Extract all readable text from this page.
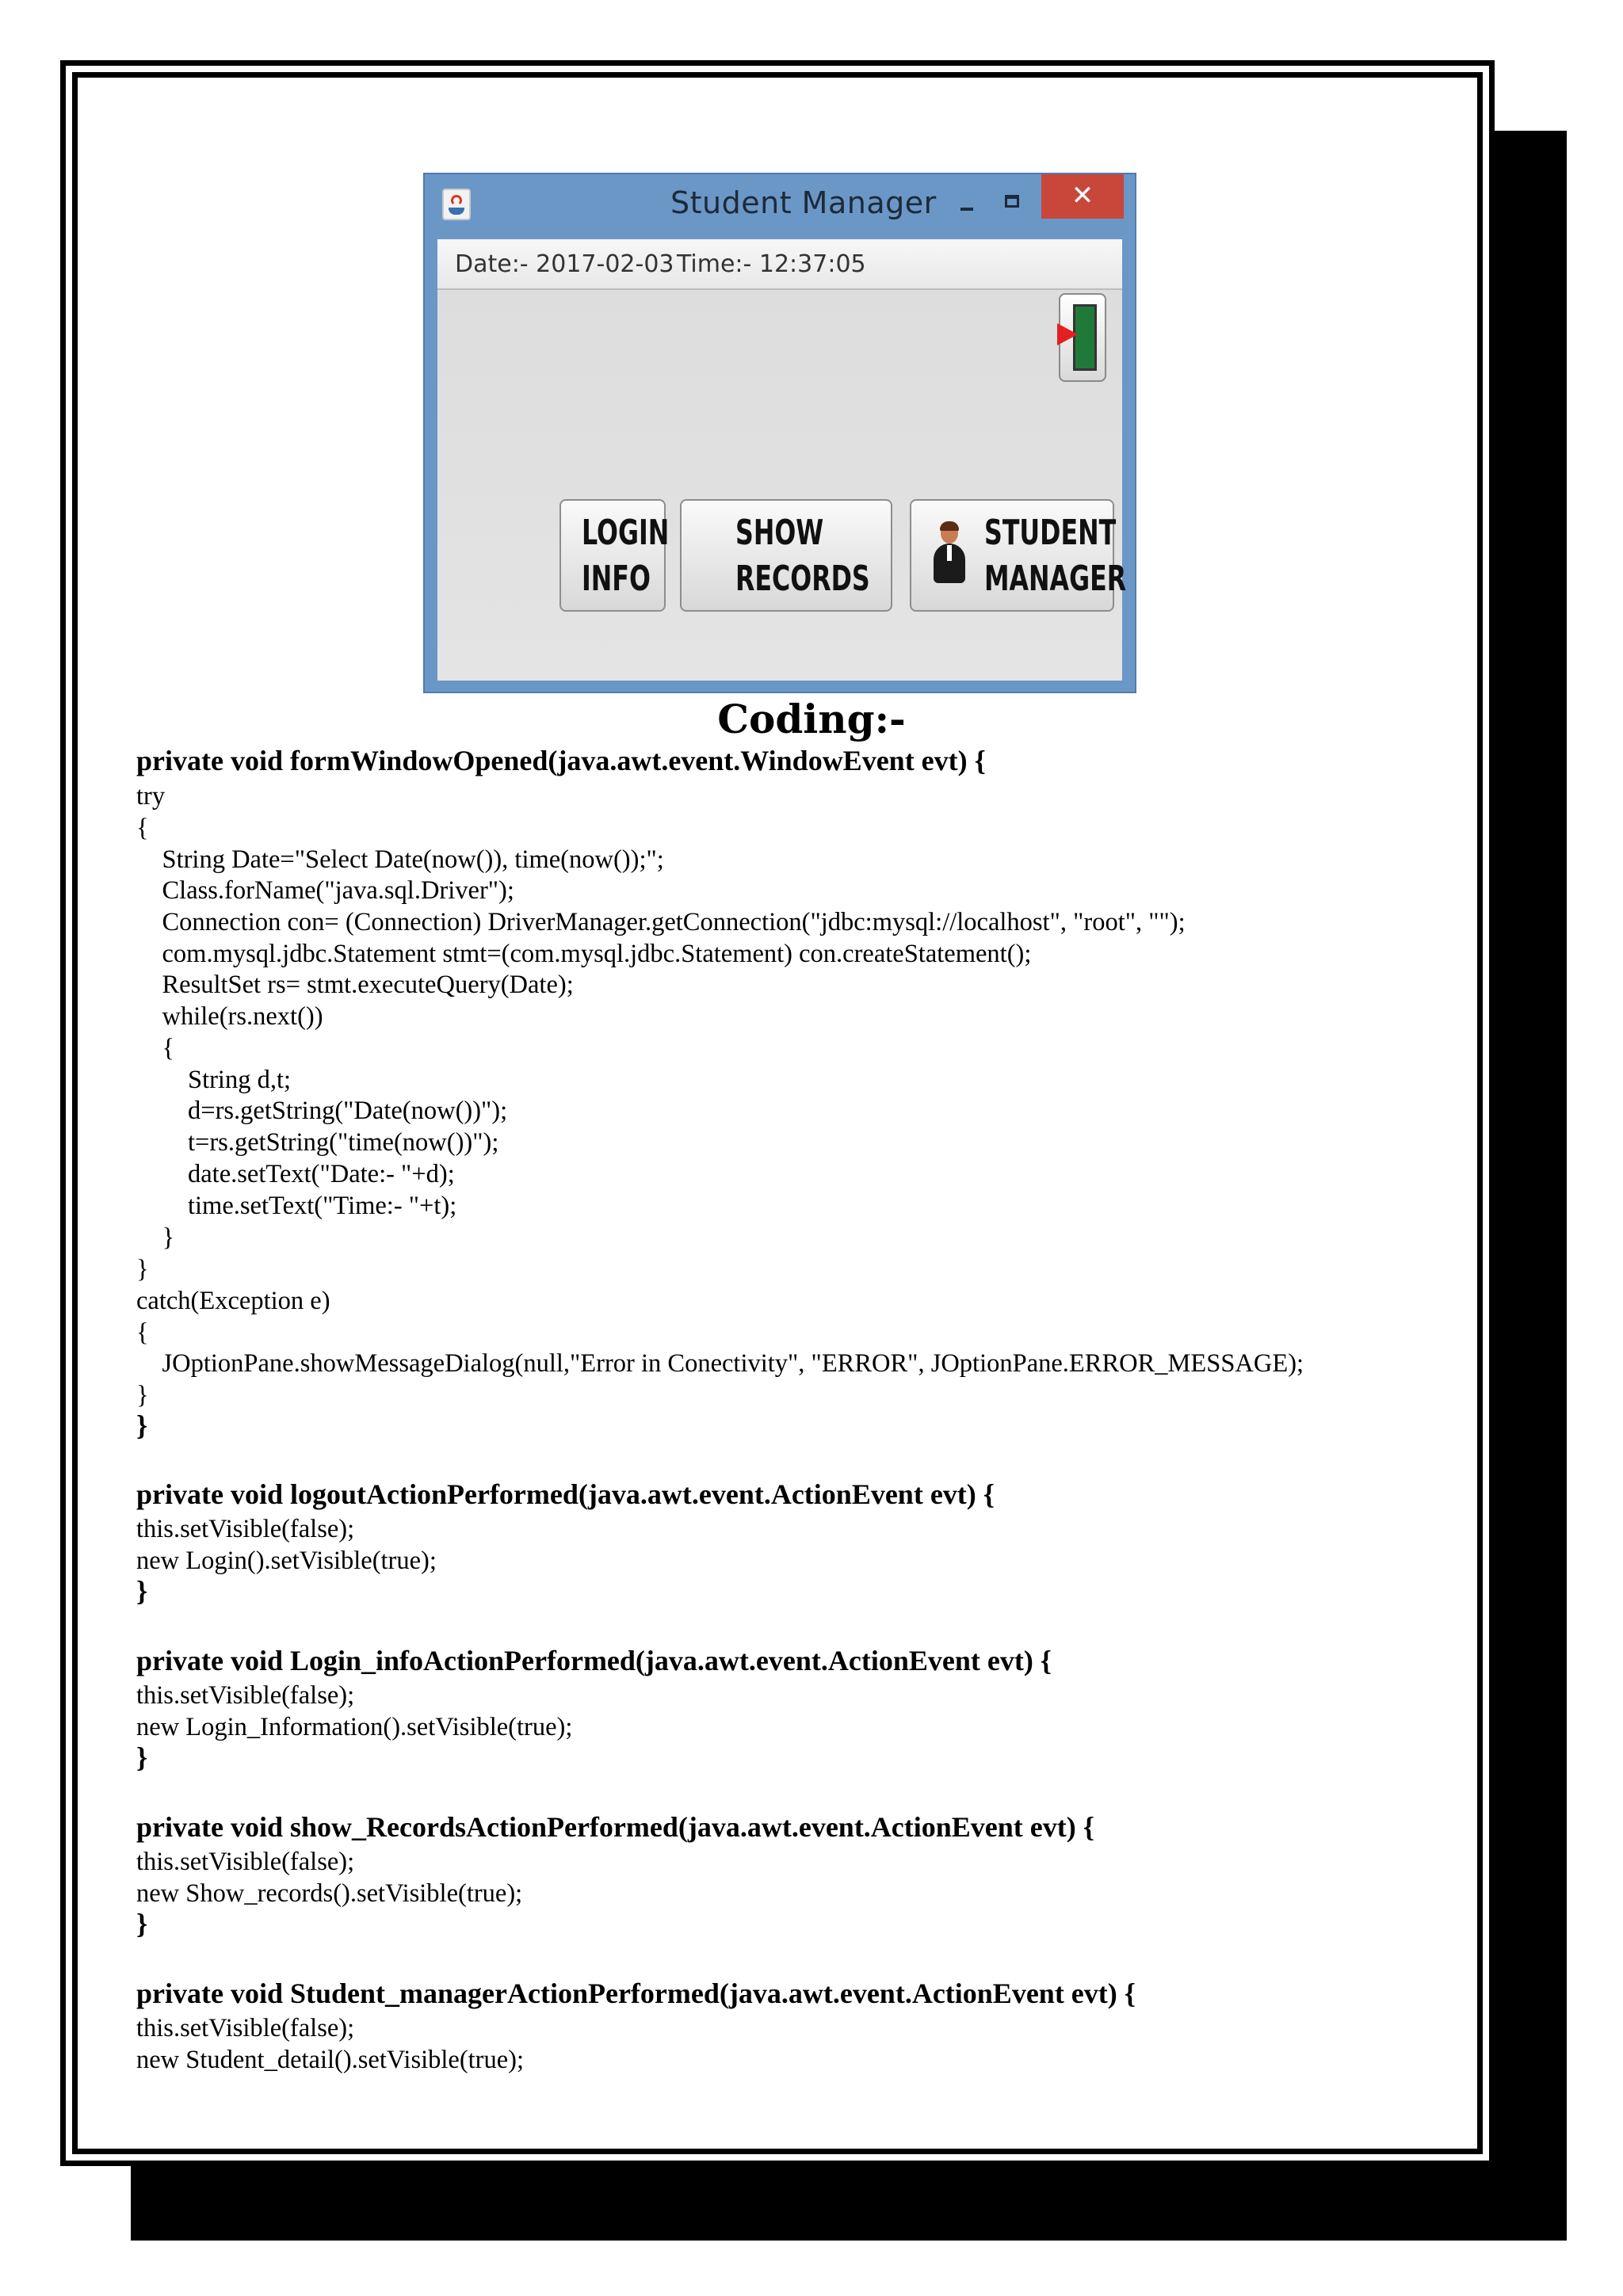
Student Manager	✕
Date:- 2017-02-03 Time:- 12:37:05
LOGIN
INFO
SHOW
RECORDS
STUDENT
MANAGER
Coding:-
private void formWindowOpened(java.awt.event.WindowEvent evt) {
try
{
String Date="Select Date(now()), time(now());";
Class.forName("java.sql.Driver");
Connection con= (Connection) DriverManager.getConnection("jdbc:mysql://localhost", "root", "");
com.mysql.jdbc.Statement stmt=(com.mysql.jdbc.Statement) con.createStatement();
ResultSet rs= stmt.executeQuery(Date);
while(rs.next())
{
String d,t;
d=rs.getString("Date(now())");
t=rs.getString("time(now())");
date.setText("Date:- "+d);
time.setText("Time:- "+t);
}
}
catch(Exception e)
{
JOptionPane.showMessageDialog(null,"Error in Conectivity", "ERROR", JOptionPane.ERROR_MESSAGE);
}
}
private void logoutActionPerformed(java.awt.event.ActionEvent evt) {
this.setVisible(false);
new Login().setVisible(true);
}
private void Login_infoActionPerformed(java.awt.event.ActionEvent evt) {
this.setVisible(false);
new Login_Information().setVisible(true);
}
private void show_RecordsActionPerformed(java.awt.event.ActionEvent evt) {
this.setVisible(false);
new Show_records().setVisible(true);
}
private void Student_managerActionPerformed(java.awt.event.ActionEvent evt) {
this.setVisible(false);
new Student_detail().setVisible(true);
